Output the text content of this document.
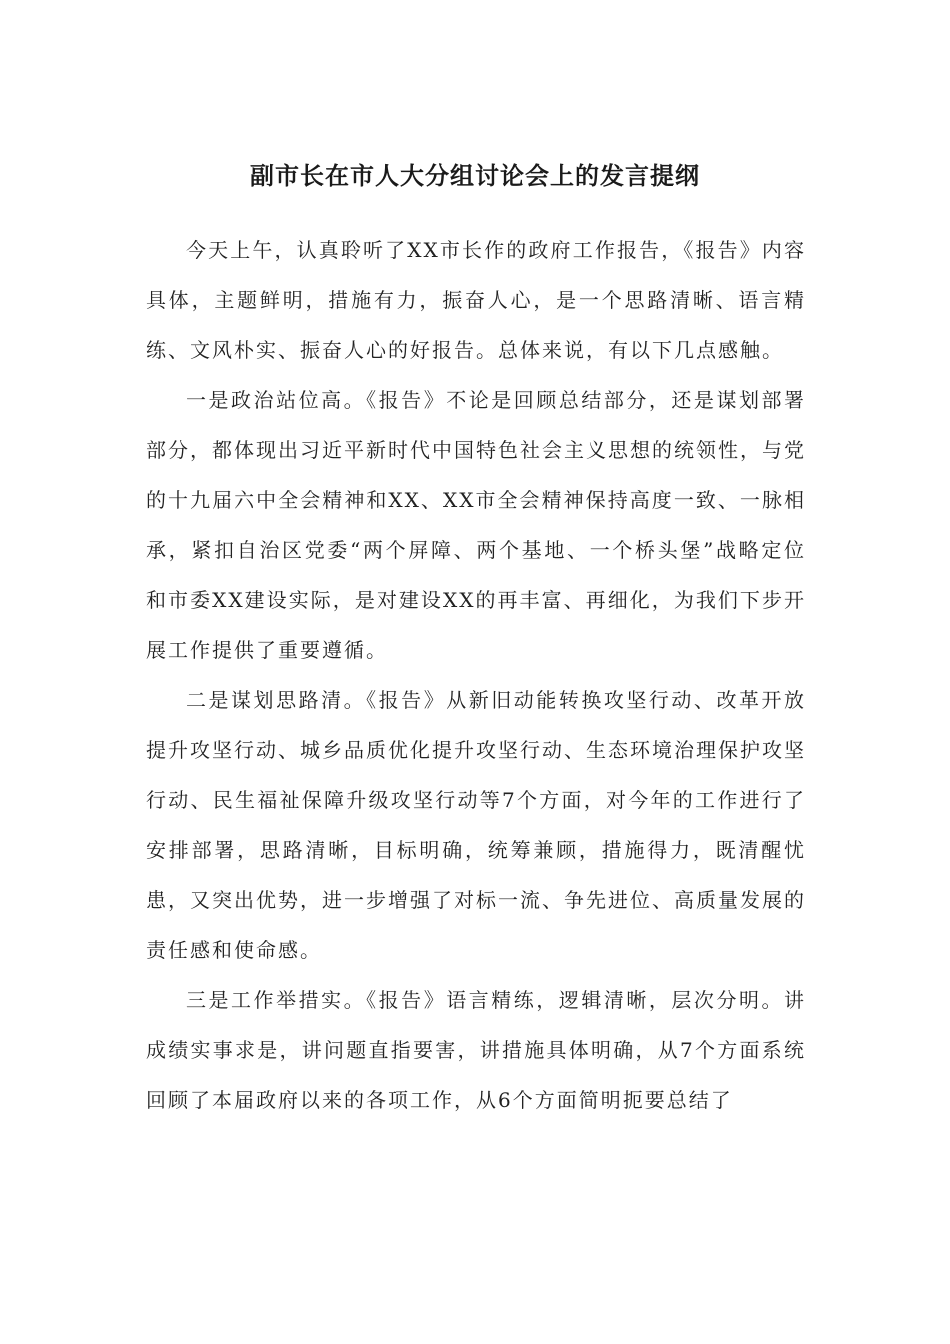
副市长在市人大分组讨论会上的发言提纲

今天上午，认真聆听了XX市长作的政府工作报告，《报告》内容具体，主题鲜明，措施有力，振奋人心，是一个思路清晰、语言精练、文风朴实、振奋人心的好报告。总体来说，有以下几点感触。

一是政治站位高。《报告》不论是回顾总结部分，还是谋划部署部分，都体现出习近平新时代中国特色社会主义思想的统领性，与党的十九届六中全会精神和XX、XX市全会精神保持高度一致、一脉相承，紧扣自治区党委“两个屏障、两个基地、一个桥头堡”战略定位和市委XX建设实际，是对建设XX的再丰富、再细化，为我们下步开展工作提供了重要遵循。

二是谋划思路清。《报告》从新旧动能转换攻坚行动、改革开放提升攻坚行动、城乡品质优化提升攻坚行动、生态环境治理保护攻坚行动、民生福祉保障升级攻坚行动等7个方面，对今年的工作进行了安排部署，思路清晰，目标明确，统筹兼顾，措施得力，既清醒忧患，又突出优势，进一步增强了对标一流、争先进位、高质量发展的责任感和使命感。

三是工作举措实。《报告》语言精练，逻辑清晰，层次分明。讲成绩实事求是，讲问题直指要害，讲措施具体明确，从7个方面系统回顾了本届政府以来的各项工作，从6个方面简明扼要总结了
